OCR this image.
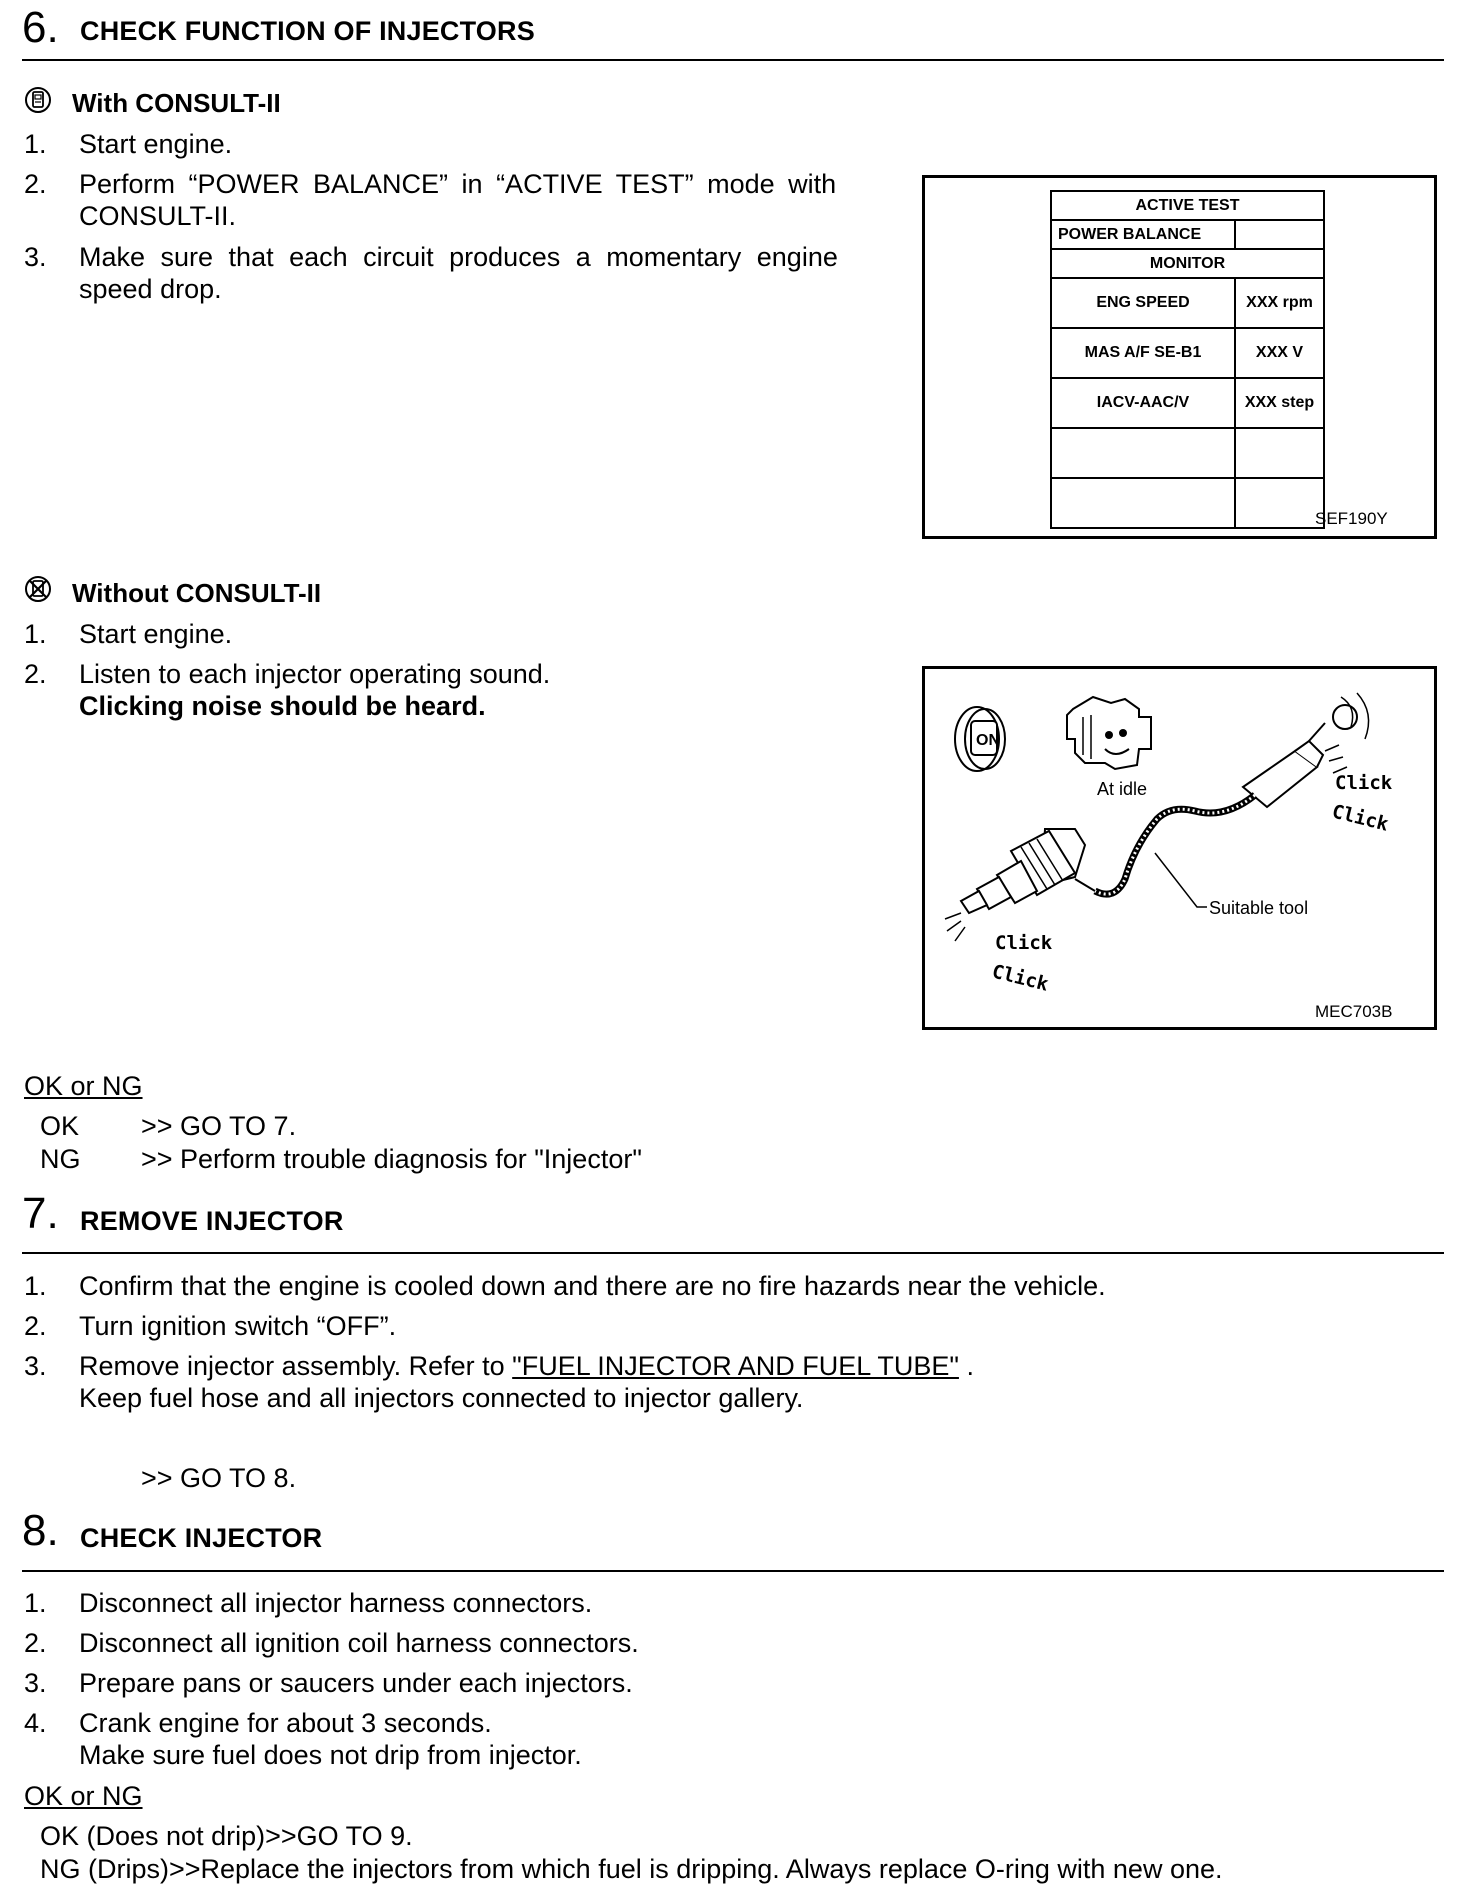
6. CHECK FUNCTION OF INJECTORS
With CONSULT-II
1. Start engine.
2. Perform “POWER BALANCE” in “ACTIVE TEST” mode with
CONSULT-II.
3. Make sure that each circuit produces a momentary engine
speed drop.
ACTIVE TEST	
POWER BALANCE	
MONITOR	
ENG SPEED	XXX rpm
MAS A/F SE-B1	XXX V
IACV-AAC/V	XXX step

SEF190Y
Without CONSULT-II
1. Start engine.
2. Listen to each injector operating sound.
Clicking noise should be heard.
ON
At idle
Suitable tool
Click
Click
Click
Click
MEC703B
OK or NG
OK >> GO TO 7.
NG >> Perform trouble diagnosis for "Injector"
7. REMOVE INJECTOR
1. Confirm that the engine is cooled down and there are no fire hazards near the vehicle.
2. Turn ignition switch “OFF”.
3. Remove injector assembly. Refer to "FUEL INJECTOR AND FUEL TUBE" .
Keep fuel hose and all injectors connected to injector gallery.
>> GO TO 8.
8. CHECK INJECTOR
1. Disconnect all injector harness connectors.
2. Disconnect all ignition coil harness connectors.
3. Prepare pans or saucers under each injectors.
4. Crank engine for about 3 seconds.
Make sure fuel does not drip from injector.
OK or NG
OK (Does not drip)>>GO TO 9.
NG (Drips)>>Replace the injectors from which fuel is dripping. Always replace O-ring with new one.
